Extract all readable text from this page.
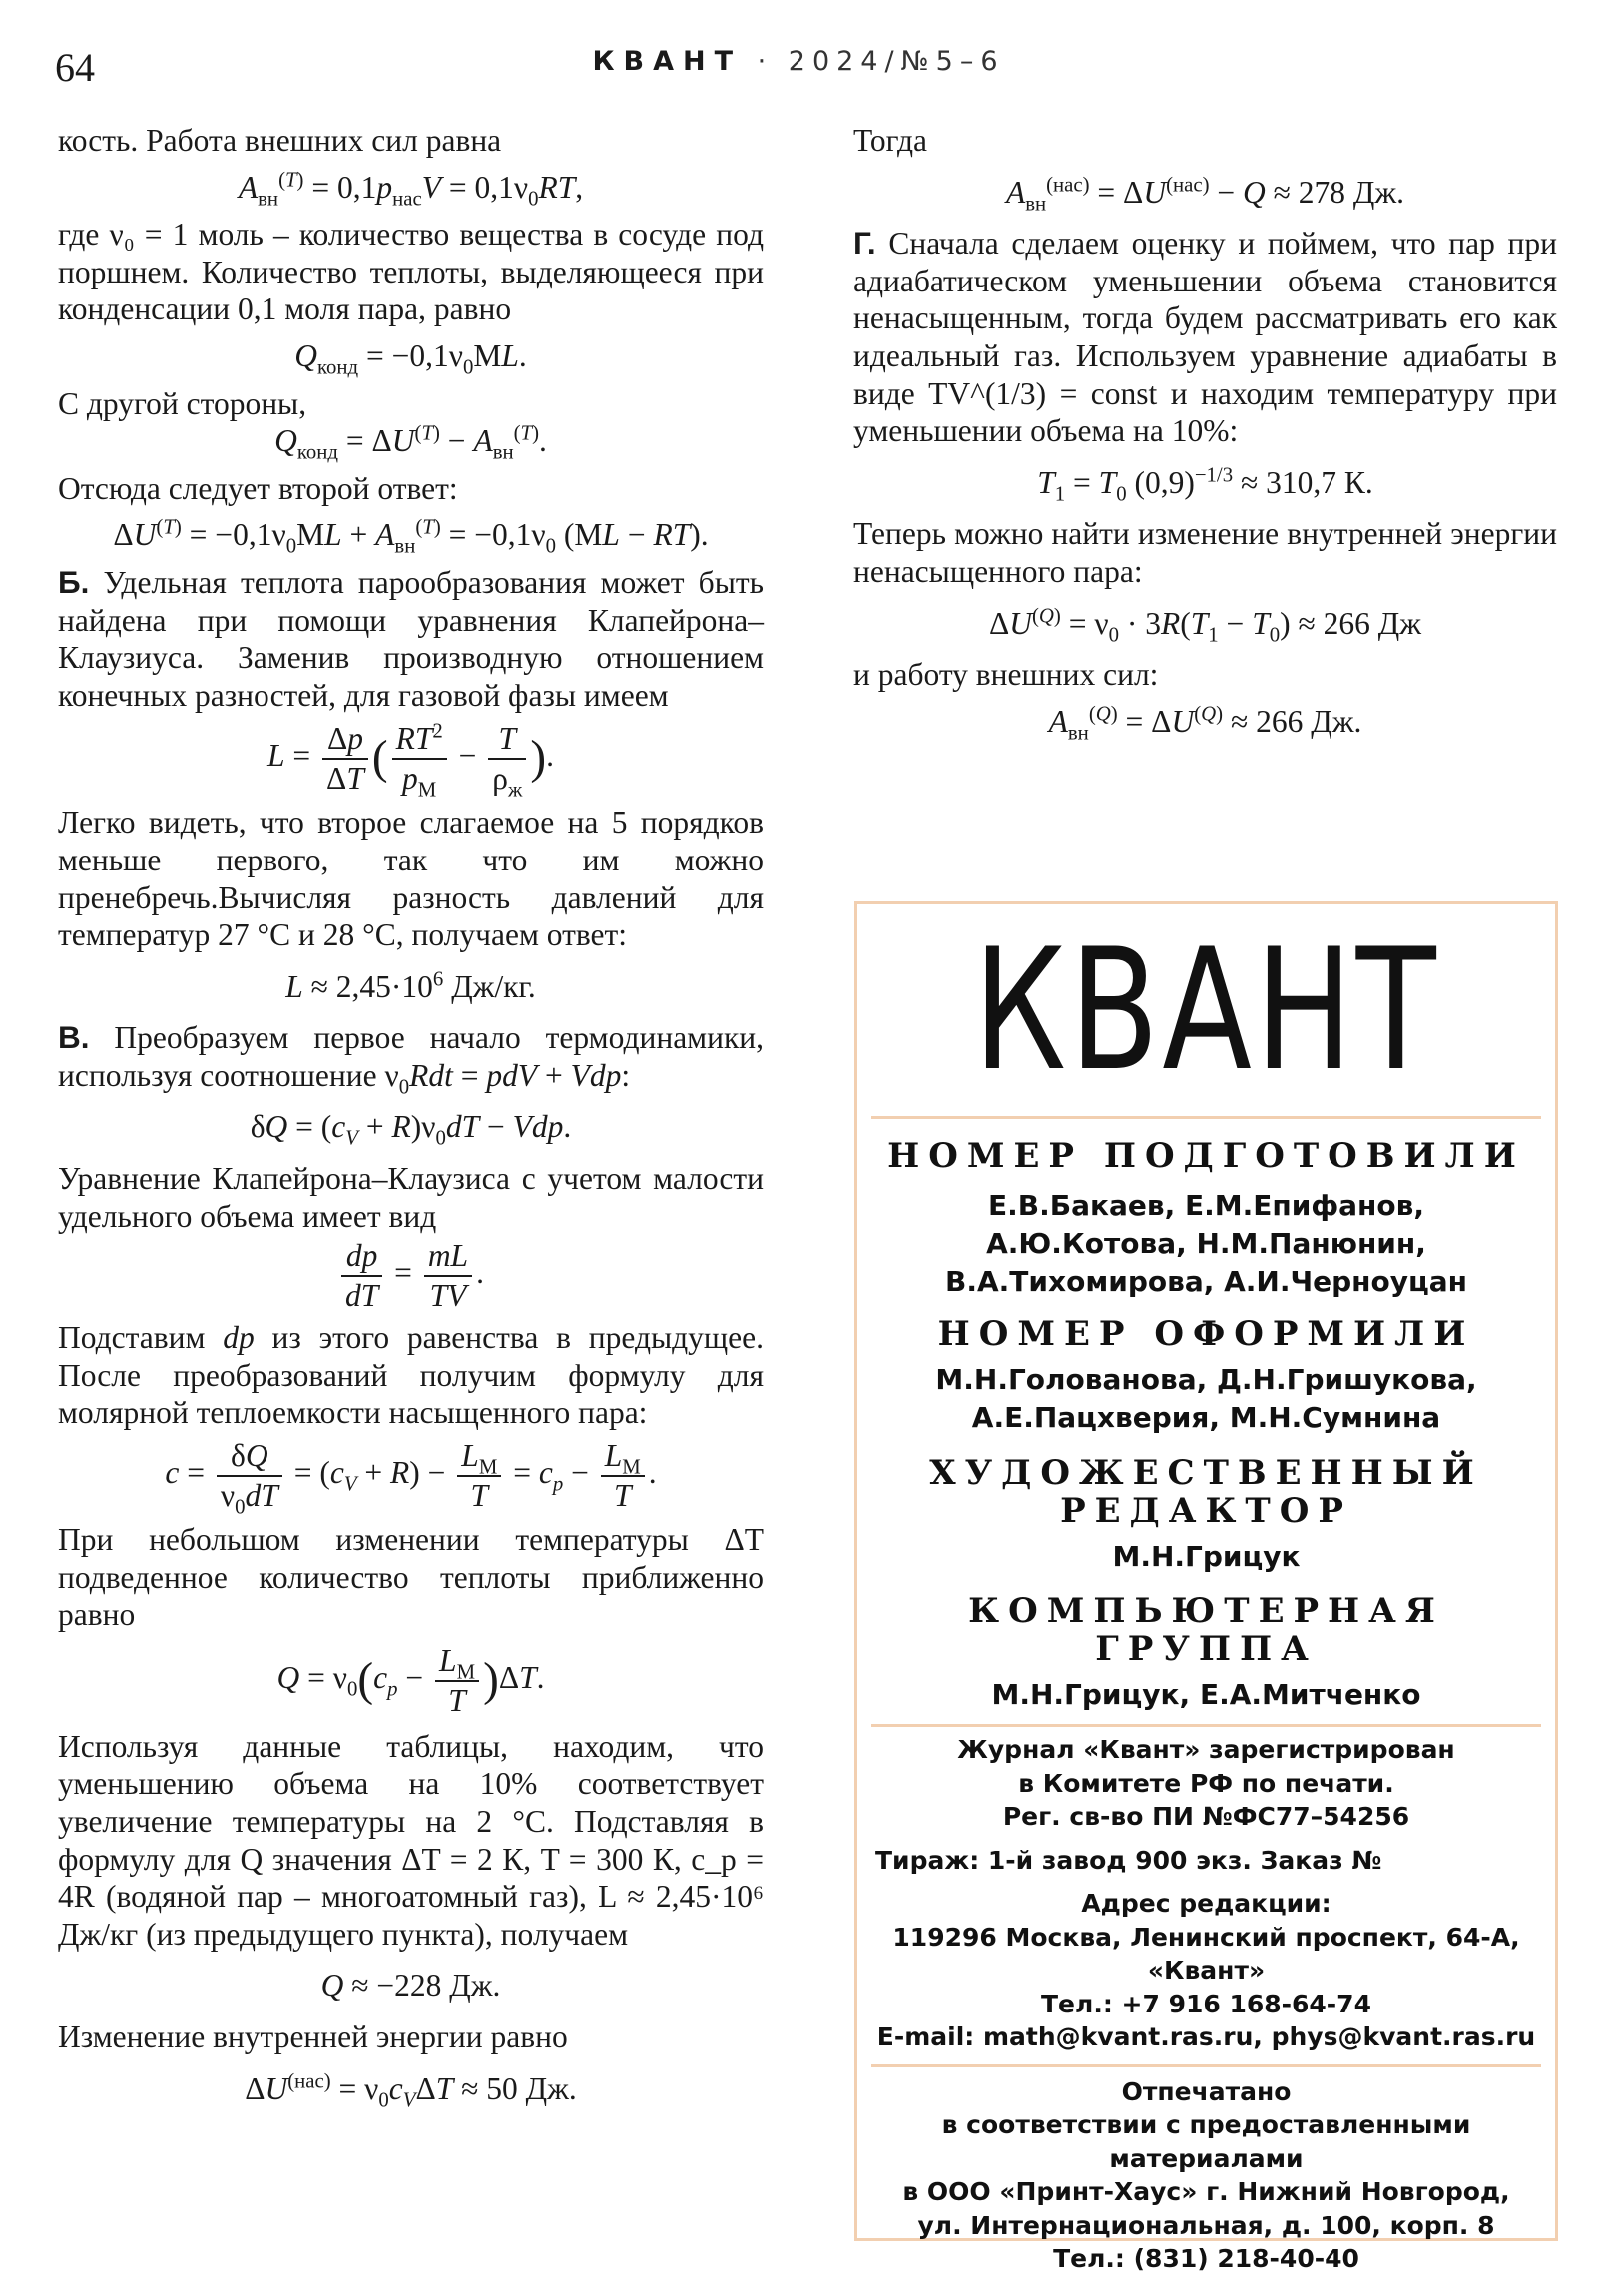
64	КВАНТ · 2024/№5–6

кость. Работа внешних сил равна

$A_{вн}^{(T)} = 0,1p_{нас}V = 0,1\nu_0RT$,

где ν₀ = 1 моль – количество вещества в сосуде под поршнем. Количество теплоты, выделяющееся при конденсации 0,1 моля пара, равно

$Q_{конд} = -0,1\nu_0ML$.

С другой стороны,

$Q_{конд} = \Delta U^{(T)} - A_{вн}^{(T)}$.

Отсюда следует второй ответ:

$\Delta U^{(T)} = -0,1\nu_0ML + A_{вн}^{(T)} = -0,1\nu_0$ (ML − RT).

Б. Удельная теплота парообразования может быть найдена при помощи уравнения Клапейрона–Клаузиуса. Заменив производную отношением конечных разностей, для газовой фазы имеем

$L = \frac{\Delta p}{\Delta T}$ ( $\frac{RT^2}{p_М} - \frac{T}{\rho_ж}$ ).

Легко видеть, что второе слагаемое на 5 порядков меньше первого, так что им можно пренебречь.Вычисляя разность давлений для температур 27 °С и 28 °С, получаем ответ:

$L \approx 2,45\cdot 10^6$ Дж/кг.

В. Преобразуем первое начало термодинамики, используя соотношение $\nu_0Rdt$ = pdV + Vdp:

$\delta Q = (c_V + R)\nu_0dT$ − Vdp.

Уравнение Клапейрона–Клаузиса с учетом малости удельного объема имеет вид

$\frac{dp}{dT} = \frac{mL}{TV}$ .

Подставим dp из этого равенства в предыдущее. После преобразований получим формулу для молярной теплоемкости насыщенного пара:

$c = \frac{\delta Q}{\nu_0dT} = (c_V + R) - \frac{L_М}{T} = c_p - \frac{L_М}{T}$ .

При небольшом изменении температуры ΔT подведенное количество теплоты приближенно равно

$Q = \nu_0(c_p - \frac{L_М}{T} )\Delta T$.

Используя данные таблицы, находим, что уменьшению объема на 10% соответствует увеличение температуры на 2 °С. Подставляя в формулу для Q значения ΔT = 2 К, T = 300 К, c_p = 4R (водяной пар – многоатомный газ), L ≈ 2,45·10⁶ Дж/кг (из предыдущего пункта), получаем

Q ≈ −228 Дж.

Изменение внутренней энергии равно

$\Delta U^{(нас)} = \nu_0c_V\Delta T \approx 50$ Дж.

Тогда

$A_{вн}^{(нас)} = \Delta U^{(нас)} - Q \approx 278$ Дж.

Г. Сначала сделаем оценку и поймем, что пар при адиабатическом уменьшении объема становится ненасыщенным, тогда будем рассматривать его как идеальный газ. Используем уравнение адиабаты в виде TV^(1/3) = const и находим температуру при уменьшении объема на 10%:

$T_1 = T_0$ $(0,9)^{-1/3} \approx 310,7$ К.

Теперь можно найти изменение внутренней энергии ненасыщенного пара:

$\Delta U^{(Q)} = \nu_0 \cdot 3R(T_1 - T_0) \approx 266$ Дж

и работу внешних сил:

$A_{вн}^{(Q)} = \Delta U^{(Q)} \approx 266$ Дж.
КВАНТ
НОМЕР ПОДГОТОВИЛИ
Е.В.Бакаев, Е.М.Епифанов,
А.Ю.Котова, Н.М.Панюнин,
В.А.Тихомирова, А.И.Черноуцан
НОМЕР ОФОРМИЛИ
М.Н.Голованова, Д.Н.Гришукова,
А.Е.Пацхверия, М.Н.Сумнина
ХУДОЖЕСТВЕННЫЙ
РЕДАКТОР
М.Н.Грицук
КОМПЬЮТЕРНАЯ ГРУППА
М.Н.Грицук, Е.А.Митченко
Журнал «Квант» зарегистрирован
в Комитете РФ по печати.
Рег. св-во ПИ №ФС77–54256
Тираж: 1-й завод 900 экз. Заказ №
Адрес редакции:
119296 Москва, Ленинский проспект, 64-А,
«Квант»
Тел.: +7 916 168-64-74
E-mail: math@kvant.ras.ru, phys@kvant.ras.ru
Отпечатано
в соответствии с предоставленными
материалами
в ООО «Принт-Хаус» г. Нижний Новгород,
ул. Интернациональная, д. 100, корп. 8
Тел.: (831) 218-40-40
